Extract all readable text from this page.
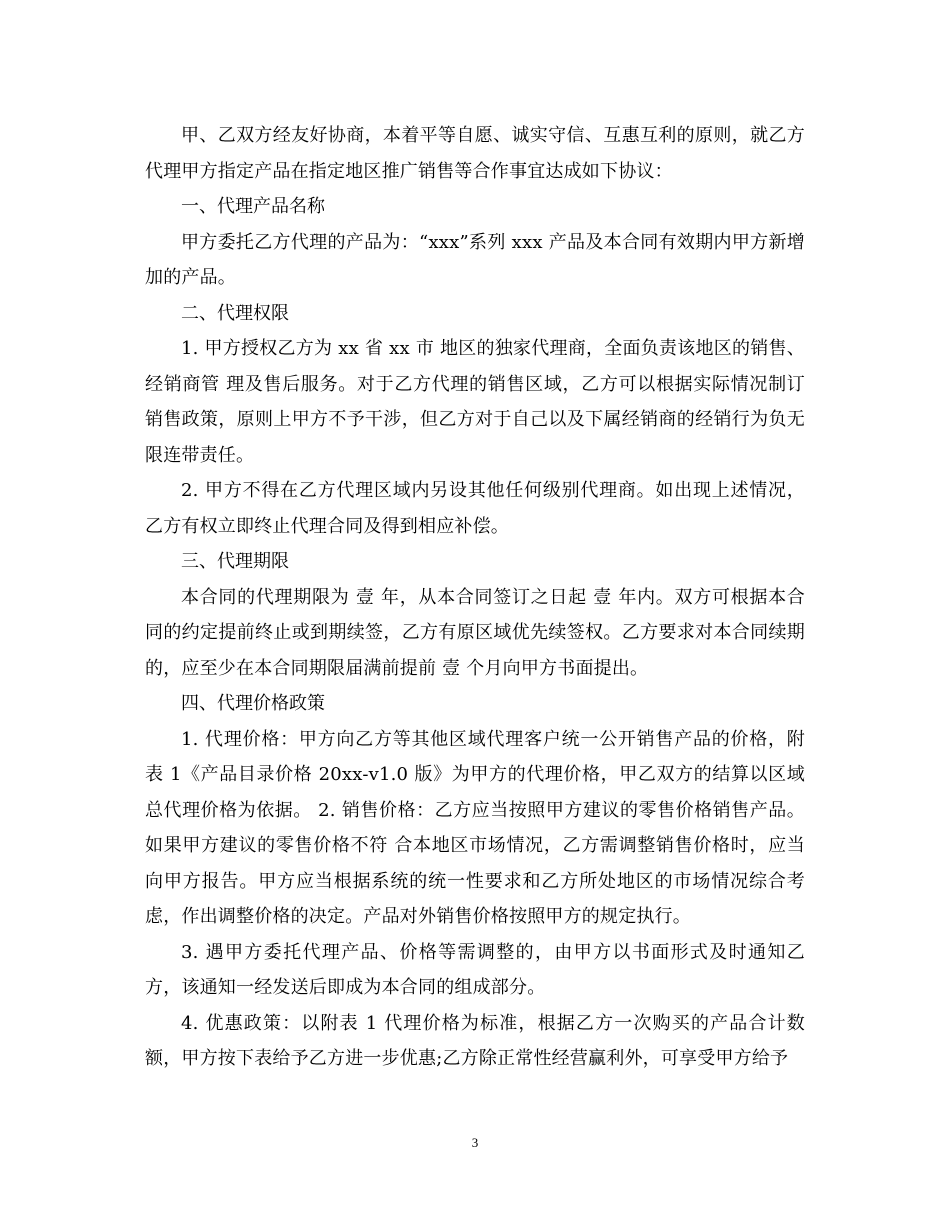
甲、乙双方经友好协商，本着平等自愿、诚实守信、互惠互利的原则，就乙方代理甲方指定产品在指定地区推广销售等合作事宜达成如下协议：

一、代理产品名称

甲方委托乙方代理的产品为：“xxx”系列 xxx 产品及本合同有效期内甲方新增加的产品。

二、代理权限

1. 甲方授权乙方为 xx 省 xx 市 地区的独家代理商，全面负责该地区的销售、经销商管 理及售后服务。对于乙方代理的销售区域，乙方可以根据实际情况制订销售政策，原则上甲方不予干涉，但乙方对于自己以及下属经销商的经销行为负无限连带责任。

2. 甲方不得在乙方代理区域内另设其他任何级别代理商。如出现上述情况，乙方有权立即终止代理合同及得到相应补偿。

三、代理期限

本合同的代理期限为 壹 年，从本合同签订之日起 壹 年内。双方可根据本合同的约定提前终止或到期续签，乙方有原区域优先续签权。乙方要求对本合同续期的，应至少在本合同期限届满前提前 壹 个月向甲方书面提出。

四、代理价格政策

1. 代理价格：甲方向乙方等其他区域代理客户统一公开销售产品的价格，附表 1《产品目录价格 20xx-v1.0 版》为甲方的代理价格，甲乙双方的结算以区域总代理价格为依据。 2. 销售价格：乙方应当按照甲方建议的零售价格销售产品。如果甲方建议的零售价格不符 合本地区市场情况，乙方需调整销售价格时，应当向甲方报告。甲方应当根据系统的统一性要求和乙方所处地区的市场情况综合考虑，作出调整价格的决定。产品对外销售价格按照甲方的规定执行。

3. 遇甲方委托代理产品、价格等需调整的，由甲方以书面形式及时通知乙方，该通知一经发送后即成为本合同的组成部分。

4. 优惠政策：以附表 1 代理价格为标准，根据乙方一次购买的产品合计数额，甲方按下表给予乙方进一步优惠;乙方除正常性经营赢利外，可享受甲方给予

3
